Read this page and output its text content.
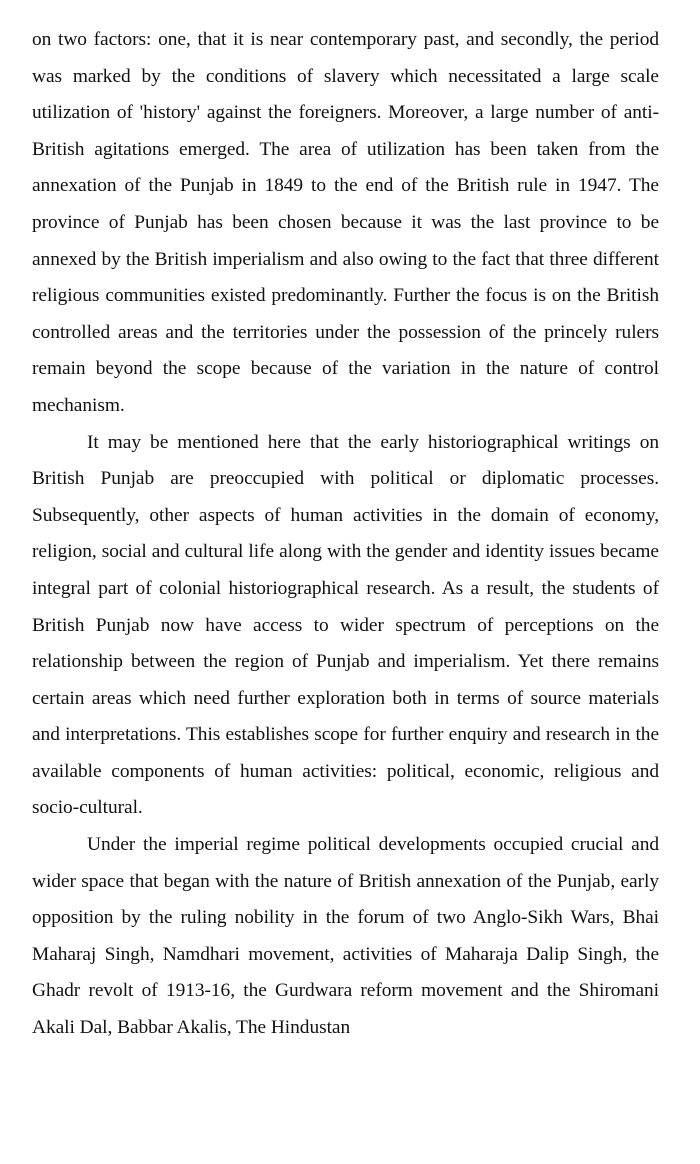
on two factors: one, that it is near contemporary past, and secondly, the period was marked by the conditions of slavery which necessitated a large scale utilization of 'history' against the foreigners. Moreover, a large number of anti-British agitations emerged. The area of utilization has been taken from the annexation of the Punjab in 1849 to the end of the British rule in 1947. The province of Punjab has been chosen because it was the last province to be annexed by the British imperialism and also owing to the fact that three different religious communities existed predominantly. Further the focus is on the British controlled areas and the territories under the possession of the princely rulers remain beyond the scope because of the variation in the nature of control mechanism.

It may be mentioned here that the early historiographical writings on British Punjab are preoccupied with political or diplomatic processes. Subsequently, other aspects of human activities in the domain of economy, religion, social and cultural life along with the gender and identity issues became integral part of colonial historiographical research. As a result, the students of British Punjab now have access to wider spectrum of perceptions on the relationship between the region of Punjab and imperialism. Yet there remains certain areas which need further exploration both in terms of source materials and interpretations. This establishes scope for further enquiry and research in the available components of human activities: political, economic, religious and socio-cultural.

Under the imperial regime political developments occupied crucial and wider space that began with the nature of British annexation of the Punjab, early opposition by the ruling nobility in the forum of two Anglo-Sikh Wars, Bhai Maharaj Singh, Namdhari movement, activities of Maharaja Dalip Singh, the Ghadr revolt of 1913-16, the Gurdwara reform movement and the Shiromani Akali Dal, Babbar Akalis, The Hindustan
